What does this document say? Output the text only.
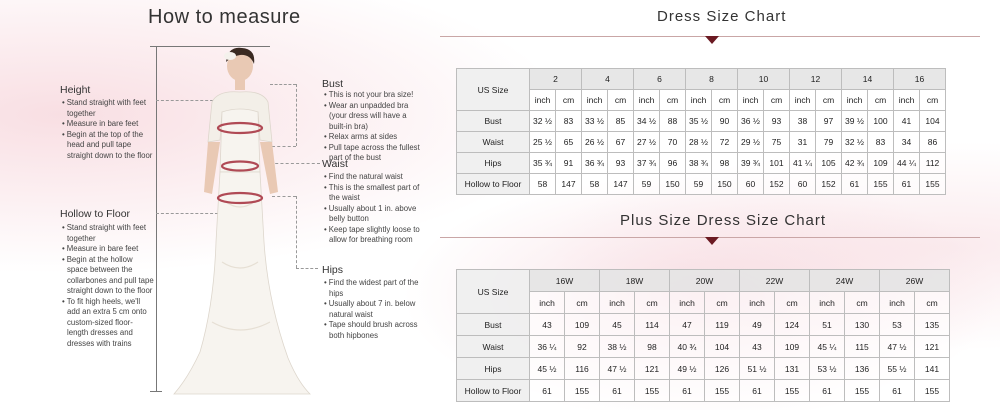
How to measure
Height
• Stand straight with feet together
• Measure in bare feet
• Begin at the top of the head and pull tape straight down to the floor
Hollow to Floor
• Stand straight with feet together
• Measure in bare feet
• Begin at the hollow space between the collarbones and pull tape straight down to the floor
• To fit high heels, we'll add an extra 5 cm onto custom-sized floor-length dresses and dresses with trains
Bust
• This is not your bra size!
• Wear an unpadded bra (your dress will have a built-in bra)
• Relax arms at sides
• Pull tape across the fullest part of the bust
Waist
• Find the natural waist
• This is the smallest part of the waist
• Usually about 1 in. above belly button
• Keep tape slightly loose to allow for breathing room
Hips
• Find the widest part of the hips
• Usually about 7 in. below natural waist
• Tape should brush across both hipbones
Dress Size Chart
US Size	2		4		6		8		10		12		14		16	
	inch	cm	inch	cm	inch	cm	inch	cm	inch	cm	inch	cm	inch	cm	inch	cm
Bust	32 ½	83	33 ½	85	34 ½	88	35 ½	90	36 ½	93	38	97	39 ½	100	41	104
Waist	25 ½	65	26 ½	67	27 ½	70	28 ½	72	29 ½	75	31	79	32 ½	83	34	86
Hips	35 ¾	91	36 ¾	93	37 ¾	96	38 ¾	98	39 ¾	101	41 ¼	105	42 ¾	109	44 ¼	112
Hollow to Floor	58	147	58	147	59	150	59	150	60	152	60	152	61	155	61	155
Plus Size Dress Size Chart
US Size	16W		18W		20W		22W		24W		26W	
	inch	cm	inch	cm	inch	cm	inch	cm	inch	cm	inch	cm
Bust	43	109	45	114	47	119	49	124	51	130	53	135
Waist	36 ¼	92	38 ½	98	40 ¾	104	43	109	45 ¼	115	47 ½	121
Hips	45 ½	116	47 ½	121	49 ½	126	51 ½	131	53 ½	136	55 ½	141
Hollow to Floor	61	155	61	155	61	155	61	155	61	155	61	155
